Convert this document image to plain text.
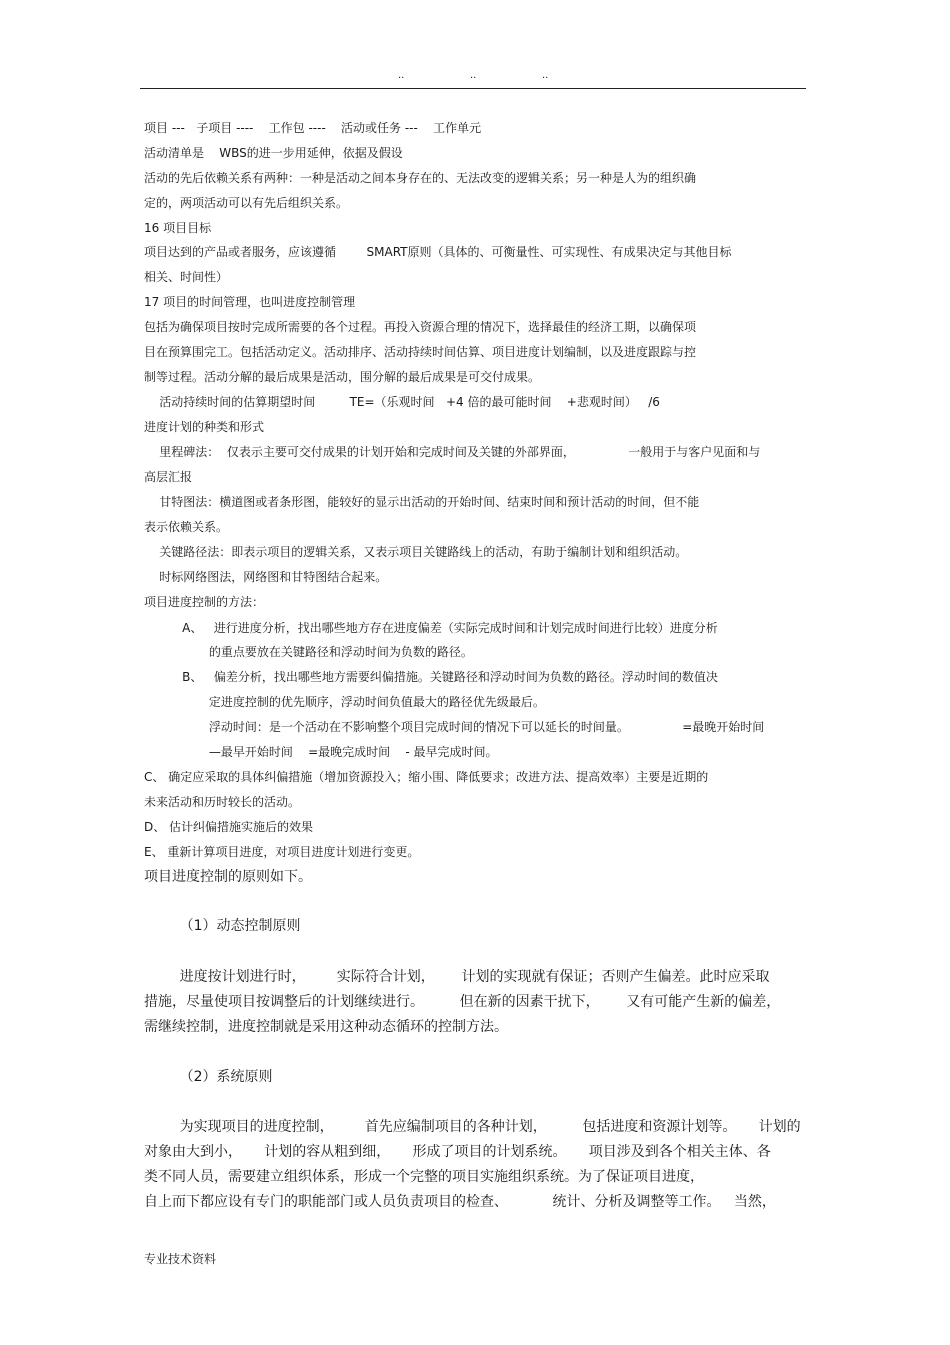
..	..	..
项目 ---   子项目 ----    工作包 ----    活动或任务 ---    工作单元
活动清单是    WBS的进一步用延伸，依据及假设
活动的先后依赖关系有两种：一种是活动之间本身存在的、无法改变的逻辑关系；另一种是人为的组织确
定的，两项活动可以有先后组织关系。
16 项目目标
项目达到的产品或者服务，应该遵循        SMART原则（具体的、可衡量性、可实现性、有成果决定与其他目标
相关、时间性）
17 项目的时间管理，也叫进度控制管理
包括为确保项目按时完成所需要的各个过程。再投入资源合理的情况下，选择最佳的经济工期，以确保项
目在预算围完工。包括活动定义。活动排序、活动持续时间估算、项目进度计划编制，以及进度跟踪与控
制等过程。活动分解的最后成果是活动，围分解的最后成果是可交付成果。
活动持续时间的估算期望时间         TE=（乐观时间   +4 倍的最可能时间    +悲观时间）   /6
进度计划的种类和形式
里程碑法：  仅表示主要可交付成果的计划开始和完成时间及关键的外部界面，              一般用于与客户见面和与
高层汇报
甘特图法：横道图或者条形图，能较好的显示出活动的开始时间、结束时间和预计活动的时间，但不能
表示依赖关系。
关键路径法：即表示项目的逻辑关系，又表示项目关键路线上的活动，有助于编制计划和组织活动。
时标网络图法，网络图和甘特图结合起来。
项目进度控制的方法：
A、   进行进度分析，找出哪些地方存在进度偏差（实际完成时间和计划完成时间进行比较）进度分析
的重点要放在关键路径和浮动时间为负数的路径。
B、   偏差分析，找出哪些地方需要纠偏措施。关键路径和浮动时间为负数的路径。浮动时间的数值决
定进度控制的优先顺序，浮动时间负值最大的路径优先级最后。
浮动时间：是一个活动在不影响整个项目完成时间的情况下可以延长的时间量。              =最晚开始时间
—最早开始时间    =最晚完成时间    - 最早完成时间。
C、 确定应采取的具体纠偏措施（增加资源投入；缩小围、降低要求；改进方法、提高效率）主要是近期的
未来活动和历时较长的活动。
D、 估计纠偏措施实施后的效果
E、 重新计算项目进度，对项目进度计划进行变更。
项目进度控制的原则如下。
（1）动态控制原则
进度按计划进行时，       实际符合计划，      计划的实现就有保证；否则产生偏差。此时应采取
措施，尽量使项目按调整后的计划继续进行。        但在新的因素干扰下，      又有可能产生新的偏差，
需继续控制，进度控制就是采用这种动态循环的控制方法。
（2）系统原则
为实现项目的进度控制，       首先应编制项目的各种计划，        包括进度和资源计划等。     计划的
对象由大到小，     计划的容从粗到细，     形成了项目的计划系统。     项目涉及到各个相关主体、各
类不同人员，需要建立组织体系，形成一个完整的项目实施组织系统。为了保证项目进度，
自上而下都应设有专门的职能部门或人员负责项目的检查、          统计、分析及调整等工作。   当然，
专业技术资料
